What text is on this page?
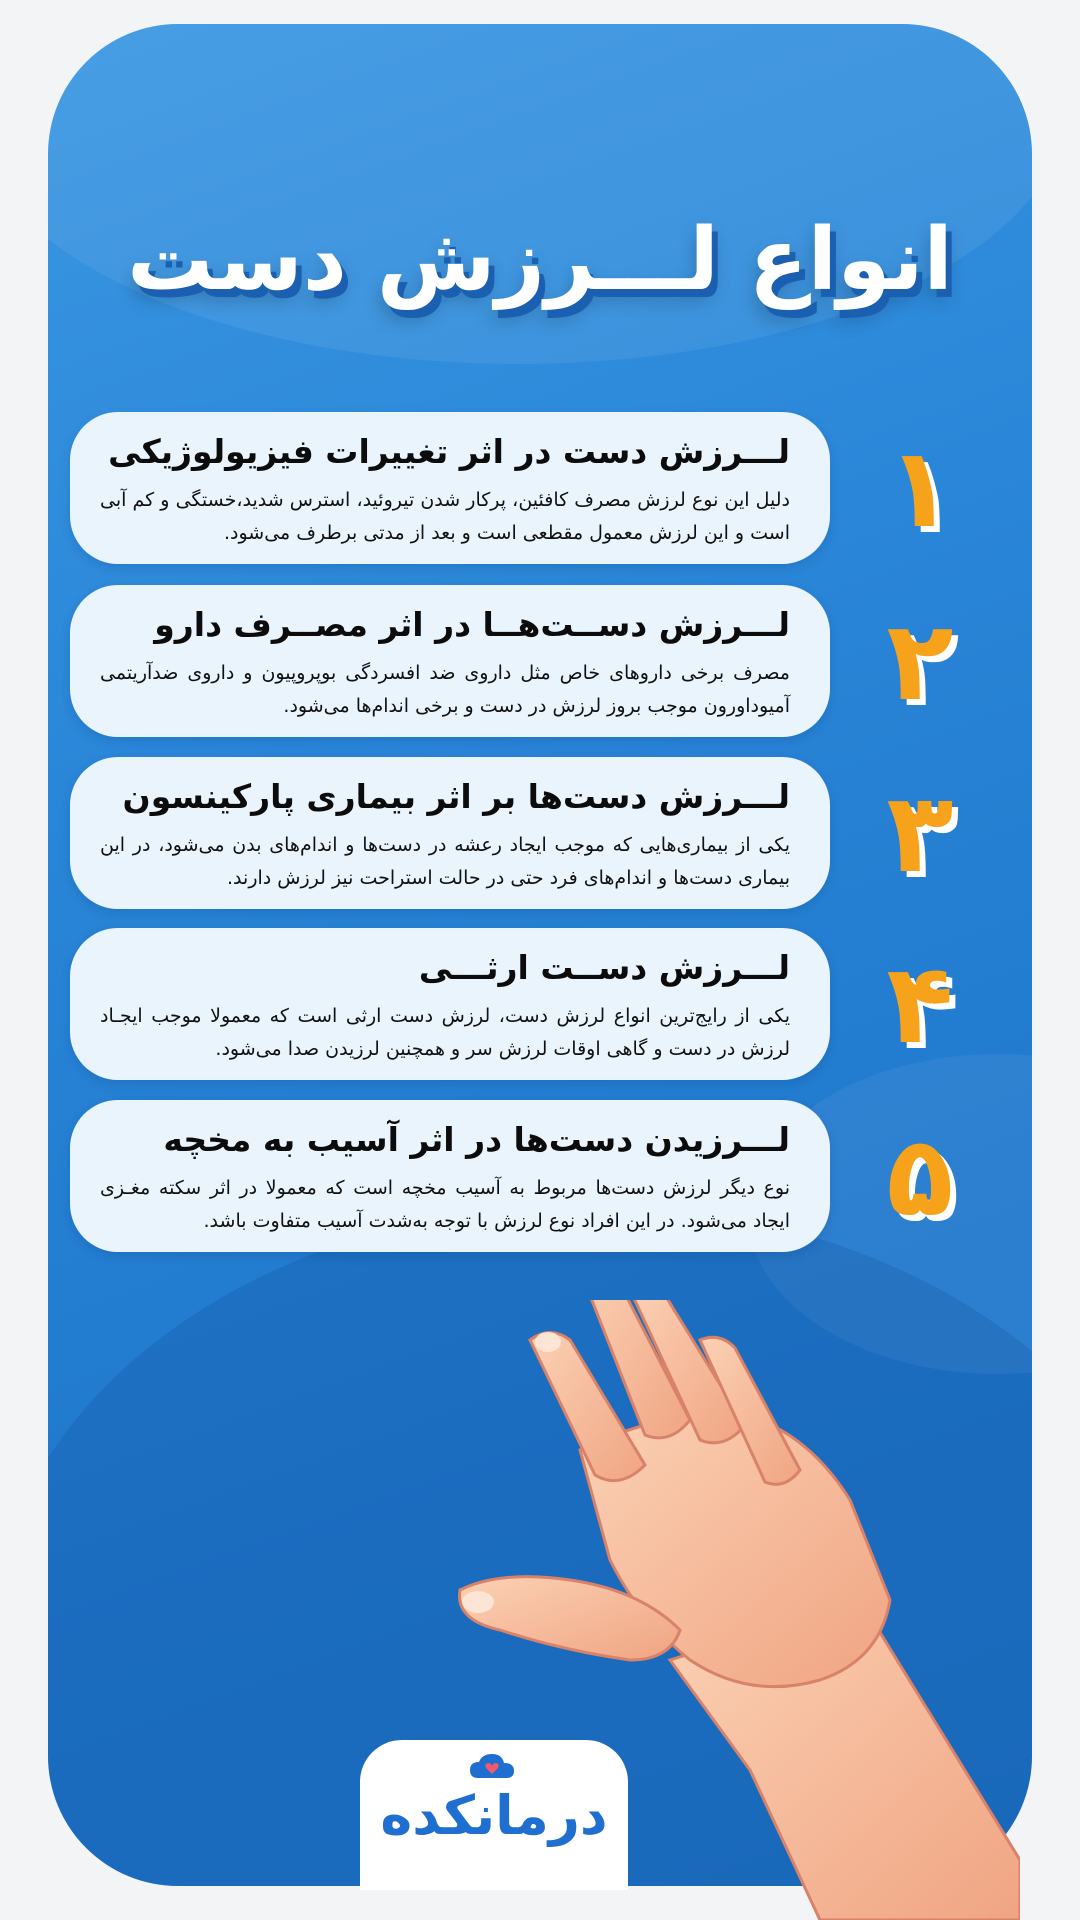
انواع لـــرزش دست
لـــرزش دست در اثر تغییرات فیزیولوژیکی
دلیل این نوع لرزش مصرف کافئین، پرکار شدن تیروئید، استرس شدید،خستگی و کم آبی است و این لرزش معمول مقطعی است و بعد از مدتی برطرف می‌شود. ۱
لـــرزش دســت‌هــا در اثر مصــرف دارو
مصرف برخی داروهای خاص مثل داروی ضد افسردگی بوپروپیون و داروی ضدآریتمی آمیوداورون موجب بروز لرزش در دست و برخی اندام‌ها می‌شود. ۲
لـــرزش دست‌ها بر اثر بیماری پارکینسون
یکی از بیماری‌هایی که موجب ایجاد رعشه در دست‌ها و اندام‌های بدن می‌شود، در این بیماری دست‌ها و اندام‌های فرد حتی در حالت استراحت نیز لرزش دارند. ۳
لـــرزش دســت ارثـــی
یکی از رایج‌ترین انواع لرزش دست، لرزش دست ارثی است که معمولا موجب ایجـاد لرزش در دست و گاهی اوقات لرزش سر و همچنین لرزیدن صدا می‌شود. ۴
لـــرزیدن دست‌ها در اثر آسیب به مخچه
نوع دیگر لرزش دست‌ها مربوط به آسیب مخچه است که معمولا در اثر سکته مغـزی ایجاد می‌شود. در این افراد نوع لرزش با توجه به‌شدت آسیب متفاوت باشد. ۵
درمانکده
